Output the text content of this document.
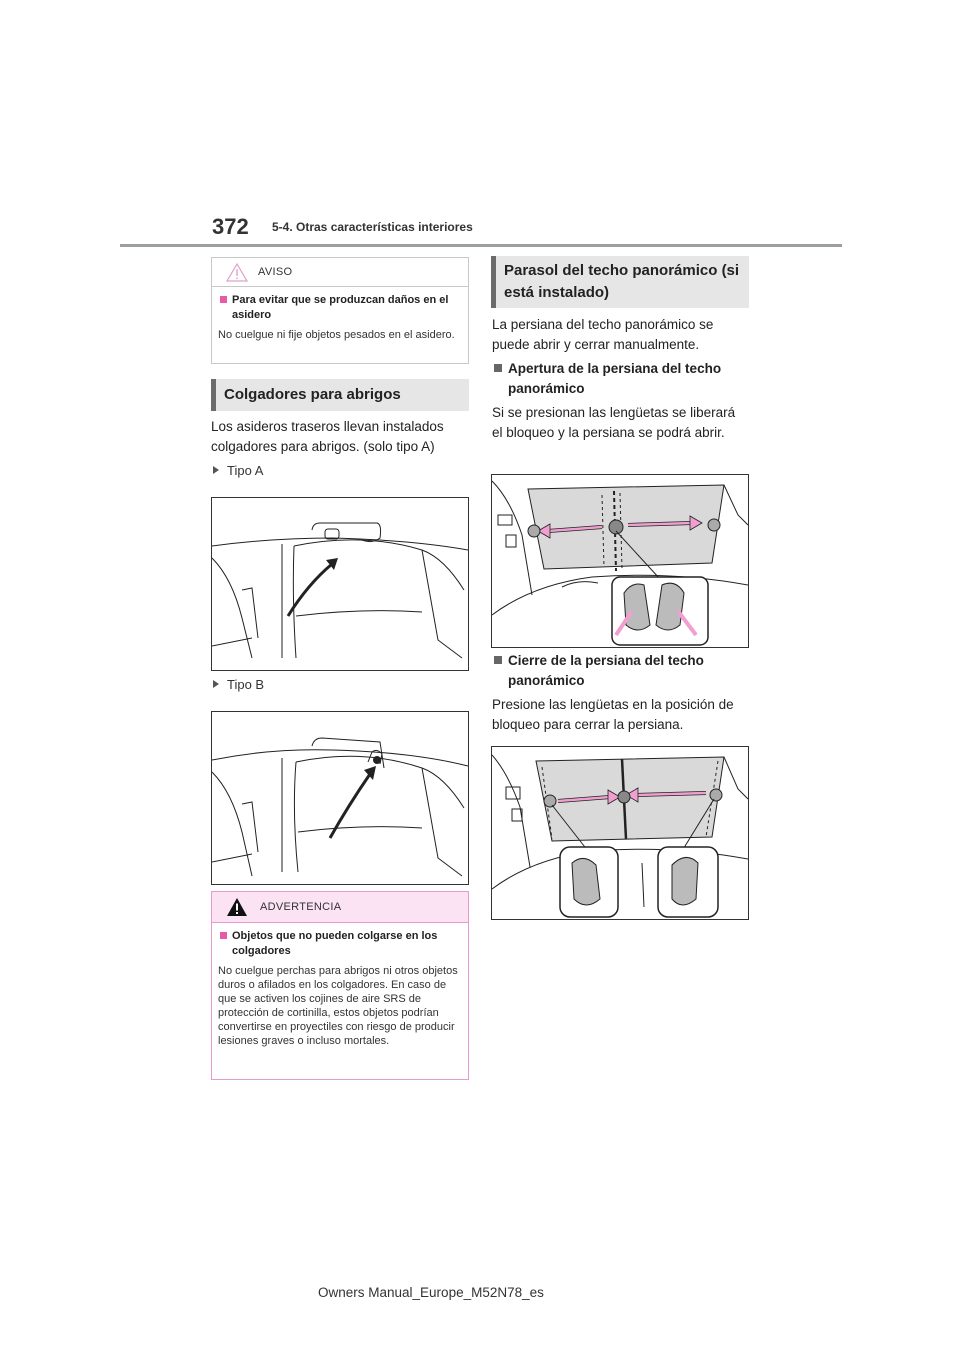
372 5-4. Otras características interiores
AVISO
Para evitar que se produzcan daños en el asidero
No cuelgue ni fije objetos pesados en el asidero.
Colgadores para abrigos
Los asideros traseros llevan instalados colgadores para abrigos. (solo tipo A)
Tipo A
Tipo B
ADVERTENCIA
Objetos que no pueden colgarse en los colgadores
No cuelgue perchas para abrigos ni otros objetos duros o afilados en los colgadores. En caso de que se activen los cojines de aire SRS de protección de cortinilla, estos objetos podrían convertirse en proyectiles con riesgo de producir lesiones graves o incluso mortales.
Parasol del techo panorámico (si está instalado)
La persiana del techo panorámico se puede abrir y cerrar manualmente.
Apertura de la persiana del techo panorámico
Si se presionan las lengüetas se liberará el bloqueo y la persiana se podrá abrir.
Cierre de la persiana del techo panorámico
Presione las lengüetas en la posición de bloqueo para cerrar la persiana.
Owners Manual_Europe_M52N78_es
